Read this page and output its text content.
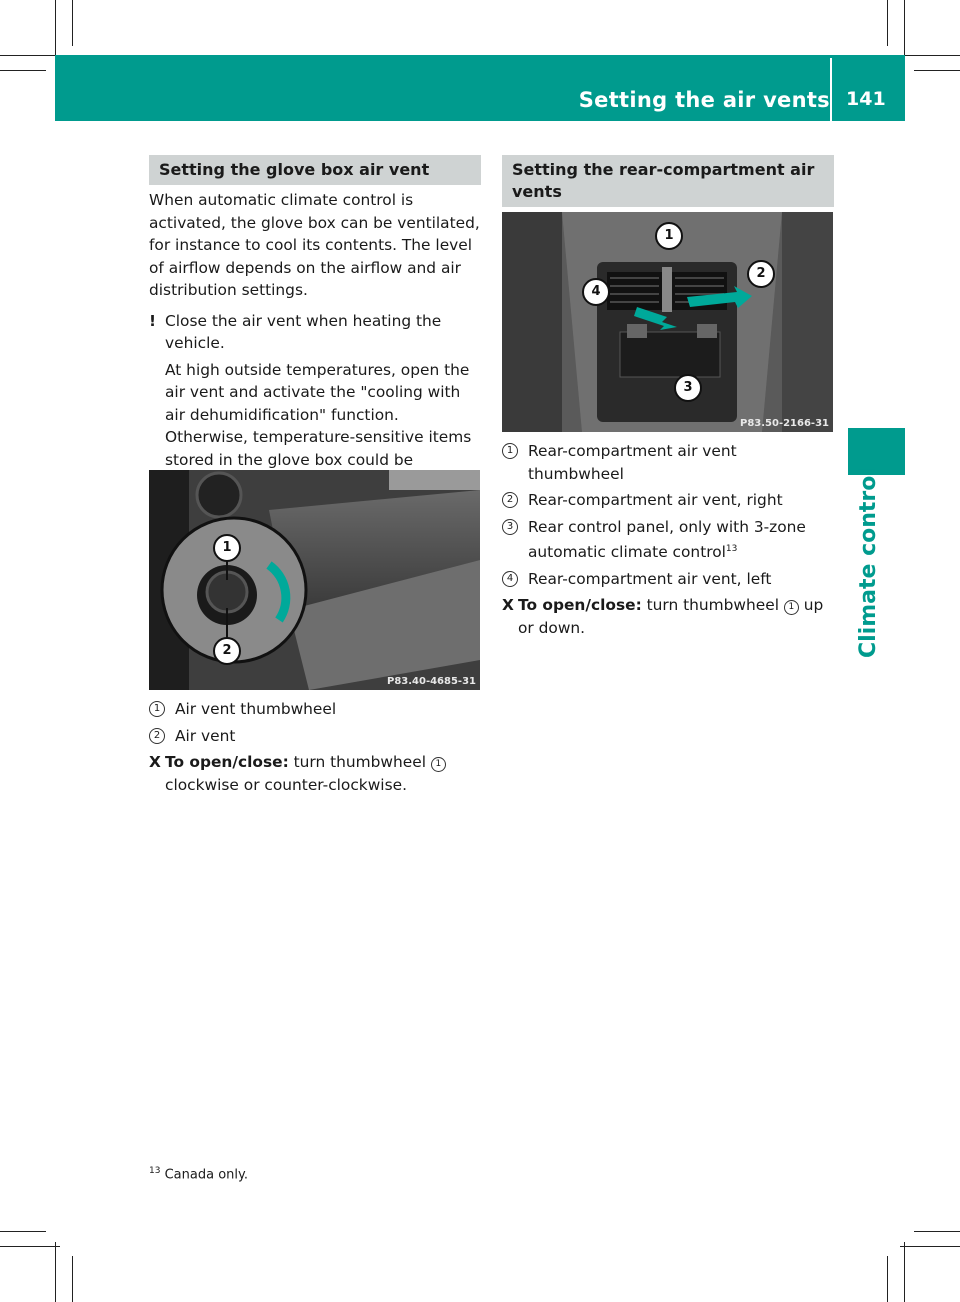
Setting the air vents 141
Climate control
Setting the glove box air vent

When automatic climate control is activated, the glove box can be ventilated, for instance to cool its contents. The level of airflow depends on the airflow and air distribution settings.

! Close the air vent when heating the vehicle.

At high outside temperatures, open the air vent and activate the "cooling with air dehumidification" function. Otherwise, temperature-sensitive items stored in the glove box could be

1
2
P83.40-4685-31
1 Air vent thumbwheel
2 Air vent
X To open/close: turn thumbwheel 1
clockwise or counter-clockwise.
Setting the rear-compartment air vents
1
2
3
4
P83.50-2166-31
1 Rear-compartment air vent thumbwheel
2 Rear-compartment air vent, right
3 Rear control panel, only with 3-zone automatic climate control$^{13}$
4 Rear-compartment air vent, left
X To open/close: turn thumbwheel 1 up or down.
$^{13}$ Canada only.
